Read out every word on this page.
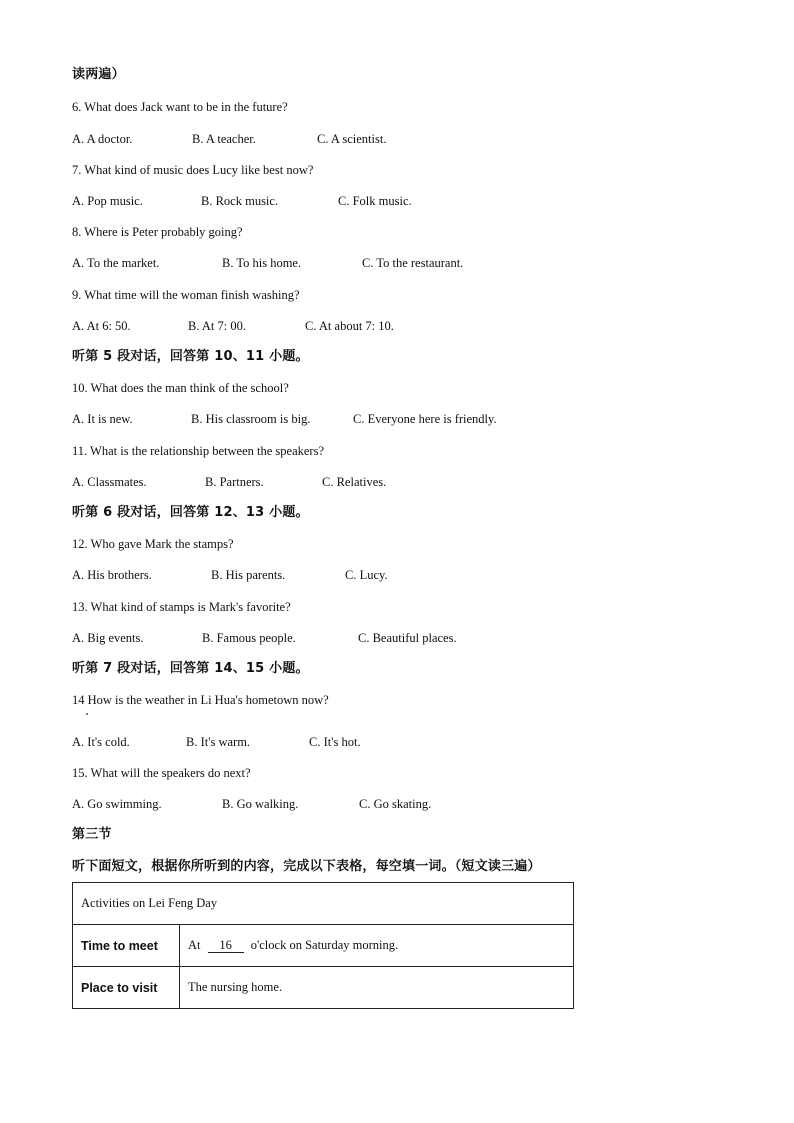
读两遍）
6. What does Jack want to be in the future?
A. A doctor.	B. A teacher.	C. A scientist.
7. What kind of music does Lucy like best now?
A. Pop music.	B. Rock music.	C. Folk music.
8. Where is Peter probably going?
A. To the market.	B. To his home.	C. To the restaurant.
9. What time will the woman finish washing?
A. At 6: 50.	B. At 7: 00.	C. At about 7: 10.
听第 5 段对话，回答第 10、11 小题。
10. What does the man think of the school?
A. It is new.	B. His classroom is big.	C. Everyone here is friendly.
11. What is the relationship between the speakers?
A. Classmates.	B. Partners.	C. Relatives.
听第 6 段对话，回答第 12、13 小题。
12. Who gave Mark the stamps?
A. His brothers.	B. His parents.	C. Lucy.
13. What kind of stamps is Mark's favorite?
A. Big events.	B. Famous people.	C. Beautiful places.
听第 7 段对话，回答第 14、15 小题。
14 How is the weather in Li Hua's hometown now?
A. It's cold.	B. It's warm.	C. It's hot.
15. What will the speakers do next?
A. Go swimming.	B. Go walking.	C. Go skating.
第三节
听下面短文，根据你所听到的内容，完成以下表格，每空填一词。（短文读三遍）
Activities on Lei Feng Day	
Time to meet	At 16 o'clock on Saturday morning.
Place to visit	The nursing home.
